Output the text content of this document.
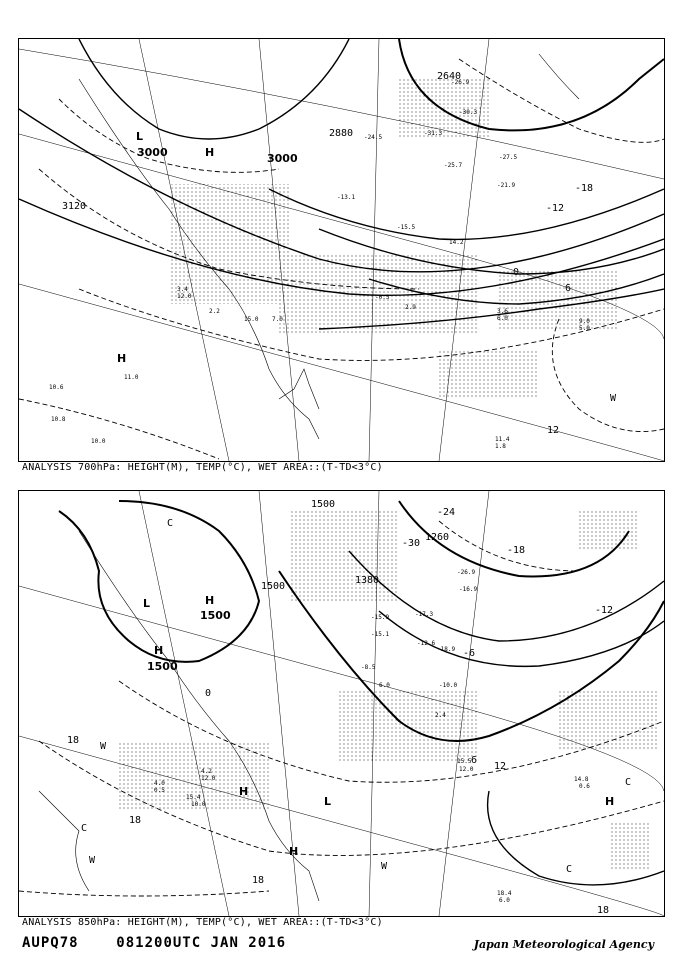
2640
2880
3000	3000
3120
-18
-12
0
6
12
L
H
H
W
11.0
10.6
10.8
10.0
3.4
12.0
2.2
15.0 7.0
11.4
1.8
9.0
5.0
3.6
6.0
-0.5
2.9
-31.3
-25.7
-26.9
-30.3
-27.5
-21.9
-15.5
14.2
-24.5
-13.1
ANALYSIS 700hPa: HEIGHT(M), TEMP(°C), WET AREA::(T-TD<3°C)
1500
1500
1500
1260
1380
1500
-30
-24
-18
-12
-6
0
6
12
18
18
18
18
L	H
H
H
L	H
H
W
W
W
C
C
C
C
14.8
0.6
18.4
6.0
15.5
12.0
15.4
10.0
4.0
0.5
4.2
12.0
-26.9
-15.1
-16.9
-18.9
-17.3
-12.6
-15.9
-10.0
-8.5
6.0
2.4
ANALYSIS 850hPa: HEIGHT(M), TEMP(°C), WET AREA::(T-TD<3°C)
AUPQ78	081200UTC JAN 2016	Japan Meteorological Agency
